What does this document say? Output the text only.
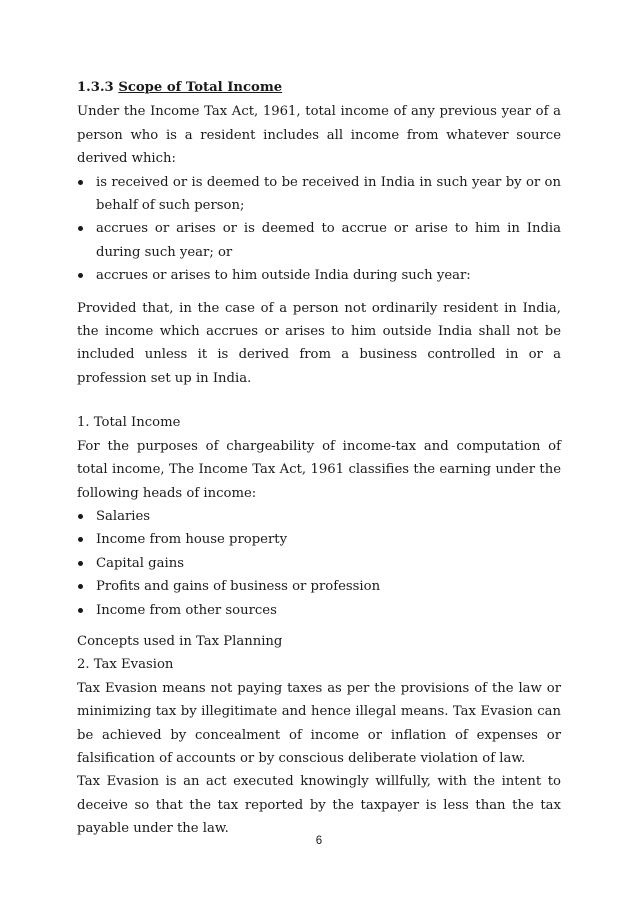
1.3.3 Scope of Total Income

Under the Income Tax Act, 1961, total income of any previous year of a person who is a resident includes all income from whatever source derived which:

is received or is deemed to be received in India in such year by or on behalf of such person;
accrues or arises or is deemed to accrue or arise to him in India during such year; or
accrues or arises to him outside India during such year:

Provided that, in the case of a person not ordinarily resident in India, the income which accrues or arises to him outside India shall not be included unless it is derived from a business controlled in or a profession set up in India.

1. Total Income

For the purposes of chargeability of income-tax and computation of total income, The Income Tax Act, 1961 classifies the earning under the following heads of income:

Salaries
Income from house property
Capital gains
Profits and gains of business or profession
Income from other sources

Concepts used in Tax Planning

2. Tax Evasion

Tax Evasion means not paying taxes as per the provisions of the law or minimizing tax by illegitimate and hence illegal means. Tax Evasion can be achieved by concealment of income or inflation of expenses or falsification of accounts or by conscious deliberate violation of law.

Tax Evasion is an act executed knowingly willfully, with the intent to deceive so that the tax reported by the taxpayer is less than the tax payable under the law.

6
